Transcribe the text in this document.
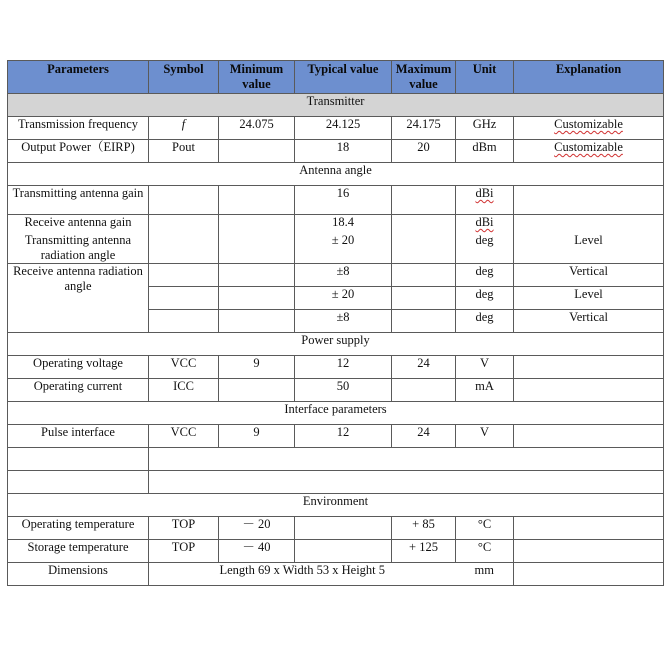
Parameters	Symbol	Minimum value	Typical value	Maximum value	Unit	Explanation
Transmitter						
Transmission frequency	f	24.075	24.125	24.175	GHz	Customizable
Output Power（EIRP)	Pout		18	20	dBm	Customizable
Antenna angle						
Transmitting antenna gain			16		dBi	
Receive antenna gain			18.4		dBi	
Transmitting antenna radiation angle			± 20		deg	Level
Receive antenna radiation angle			±8		deg	Vertical
			± 20		deg	Level
			±8		deg	Vertical
Power supply						
Operating voltage	VCC	9	12	24	V	
Operating current	ICC		50		mA	
Interface parameters						
Pulse interface	VCC	9	12	24	V	

Environment						
Operating temperature	TOP	－ 20		+ 85	°C	
Storage temperature	TOP	－ 40		+ 125	°C	
Dimensions	Length 69 x Width 53 x Height 5				mm	
